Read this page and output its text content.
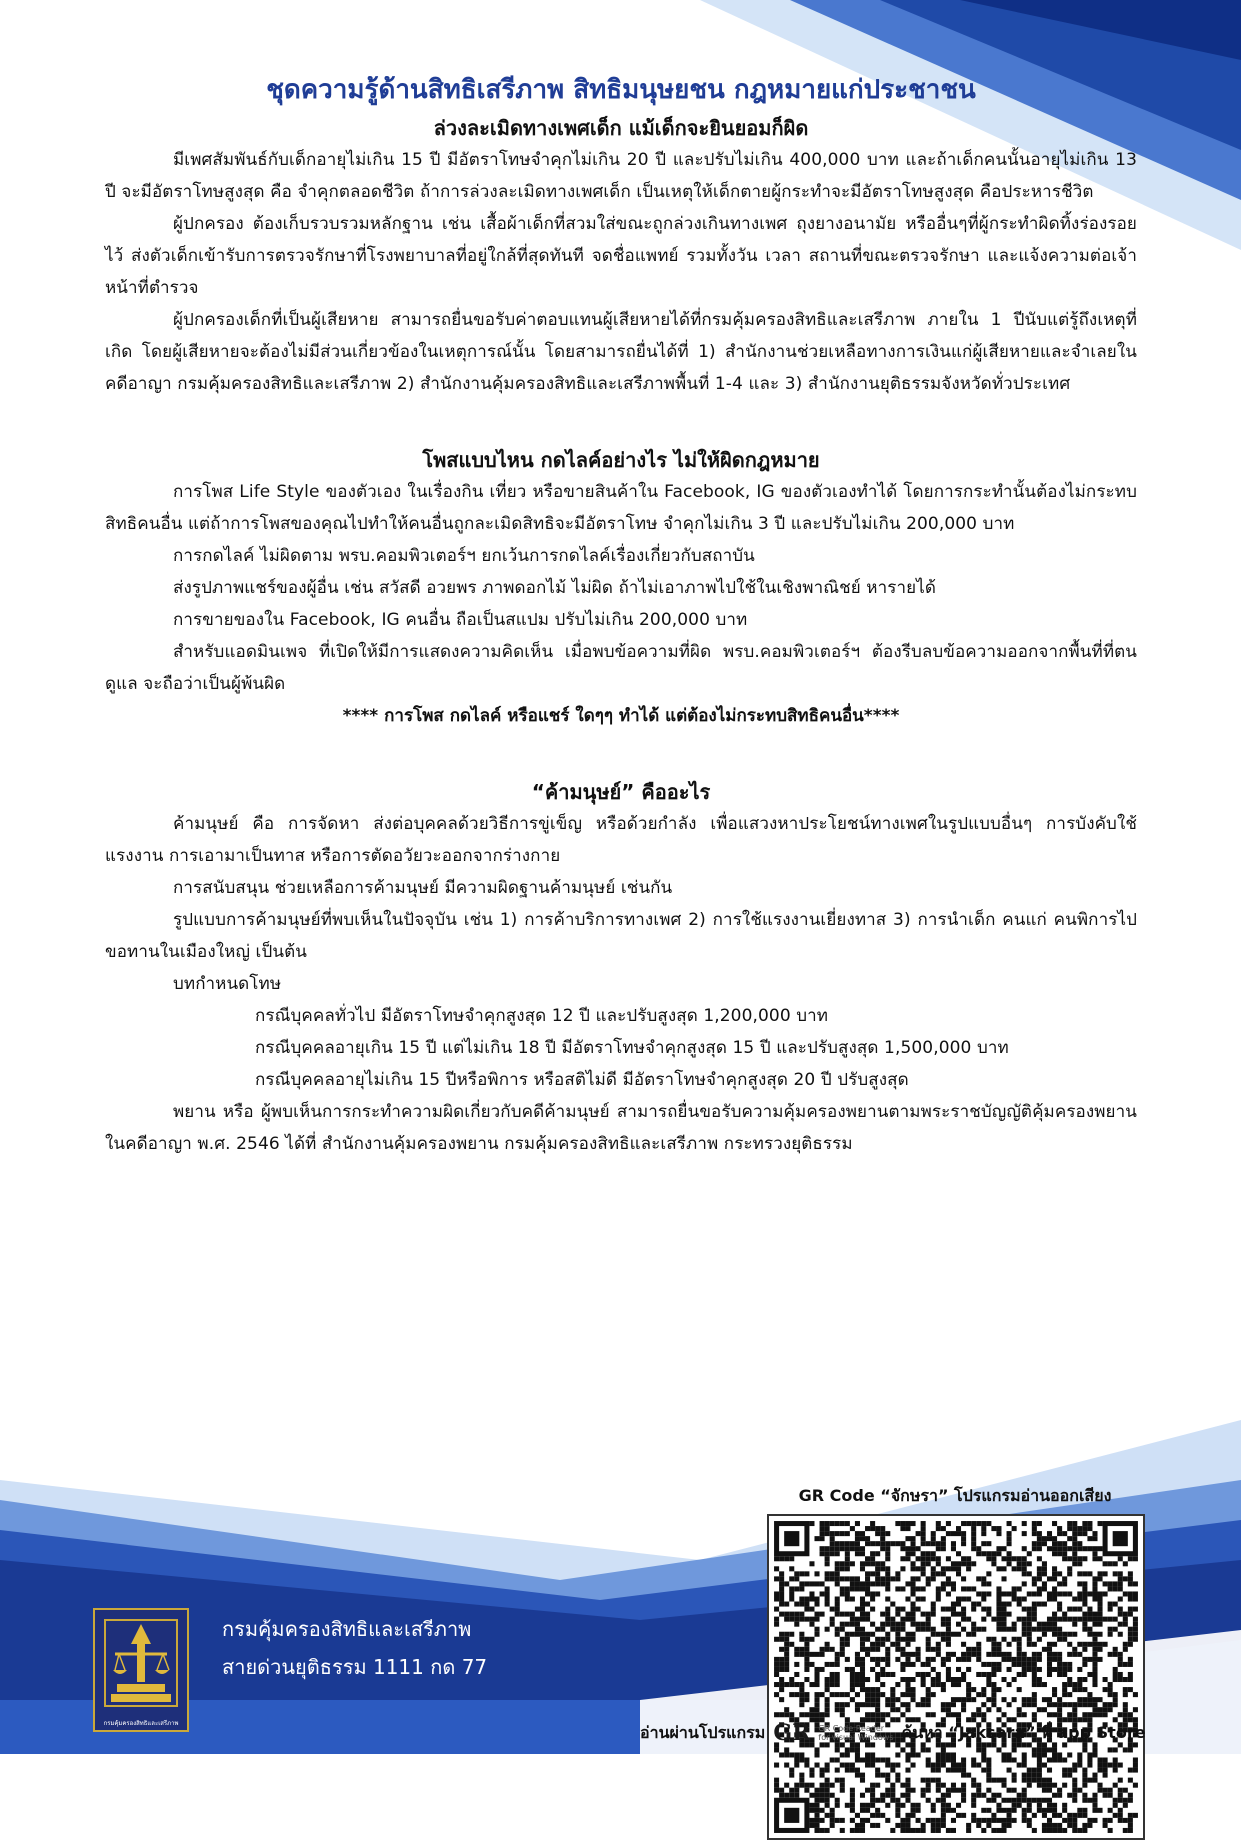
ชุดความรู้ด้านสิทธิเสรีภาพ สิทธิมนุษยชน กฎหมายแก่ประชาชน
ล่วงละเมิดทางเพศเด็ก แม้เด็กจะยินยอมก็ผิด

มีเพศสัมพันธ์กับเด็กอายุไม่เกิน 15 ปี มีอัตราโทษจำคุกไม่เกิน 20 ปี และปรับไม่เกิน 400,000 บาท และถ้าเด็กคนนั้นอายุไม่เกิน 13 ปี จะมีอัตราโทษสูงสุด คือ จำคุกตลอดชีวิต ถ้าการล่วงละเมิดทางเพศเด็ก เป็นเหตุให้เด็กตายผู้กระทำจะมีอัตราโทษสูงสุด คือประหารชีวิต

ผู้ปกครอง ต้องเก็บรวบรวมหลักฐาน เช่น เสื้อผ้าเด็กที่สวมใส่ขณะถูกล่วงเกินทางเพศ ถุงยางอนามัย หรืออื่นๆที่ผู้กระทำผิดทิ้งร่องรอยไว้ ส่งตัวเด็กเข้ารับการตรวจรักษาที่โรงพยาบาลที่อยู่ใกล้ที่สุดทันที จดชื่อแพทย์ รวมทั้งวัน เวลา สถานที่ขณะตรวจรักษา และแจ้งความต่อเจ้าหน้าที่ตำรวจ

ผู้ปกครองเด็กที่เป็นผู้เสียหาย สามารถยื่นขอรับค่าตอบแทนผู้เสียหายได้ที่กรมคุ้มครองสิทธิและเสรีภาพ ภายใน 1 ปีนับแต่รู้ถึงเหตุที่เกิด โดยผู้เสียหายจะต้องไม่มีส่วนเกี่ยวข้องในเหตุการณ์นั้น โดยสามารถยื่นได้ที่ 1) สำนักงานช่วยเหลือทางการเงินแก่ผู้เสียหายและจำเลยในคดีอาญา กรมคุ้มครองสิทธิและเสรีภาพ 2) สำนักงานคุ้มครองสิทธิและเสรีภาพพื้นที่ 1-4 และ 3) สำนักงานยุติธรรมจังหวัดทั่วประเทศ

โพสแบบไหน กดไลค์อย่างไร ไม่ให้ผิดกฎหมาย

การโพส Life Style ของตัวเอง ในเรื่องกิน เที่ยว หรือขายสินค้าใน Facebook, IG ของตัวเองทำได้ โดยการกระทำนั้นต้องไม่กระทบสิทธิคนอื่น แต่ถ้าการโพสของคุณไปทำให้คนอื่นถูกละเมิดสิทธิจะมีอัตราโทษ จำคุกไม่เกิน 3 ปี และปรับไม่เกิน 200,000 บาท

การกดไลค์ ไม่ผิดตาม พรบ.คอมพิวเตอร์ฯ ยกเว้นการกดไลค์เรื่องเกี่ยวกับสถาบัน

ส่งรูปภาพแชร์ของผู้อื่น เช่น สวัสดี อวยพร ภาพดอกไม้ ไม่ผิด ถ้าไม่เอาภาพไปใช้ในเชิงพาณิชย์ หารายได้

การขายของใน Facebook, IG คนอื่น ถือเป็นสแปม ปรับไม่เกิน 200,000 บาท

สำหรับแอดมินเพจ ที่เปิดให้มีการแสดงความคิดเห็น เมื่อพบข้อความที่ผิด พรบ.คอมพิวเตอร์ฯ ต้องรีบลบข้อความออกจากพื้นที่ที่ตนดูแล จะถือว่าเป็นผู้พ้นผิด

**** การโพส กดไลค์ หรือแชร์ ใดๆๆ ทำได้ แต่ต้องไม่กระทบสิทธิคนอื่น****

“ค้ามนุษย์” คืออะไร

ค้ามนุษย์ คือ การจัดหา ส่งต่อบุคคลด้วยวิธีการขู่เข็ญ หรือด้วยกำลัง เพื่อแสวงหาประโยชน์ทางเพศในรูปแบบอื่นๆ การบังคับใช้แรงงาน การเอามาเป็นทาส หรือการตัดอวัยวะออกจากร่างกาย

การสนับสนุน ช่วยเหลือการค้ามนุษย์ มีความผิดฐานค้ามนุษย์ เช่นกัน

รูปแบบการค้ามนุษย์ที่พบเห็นในปัจจุบัน เช่น 1) การค้าบริการทางเพศ 2) การใช้แรงงานเยี่ยงทาส 3) การนำเด็ก คนแก่ คนพิการไปขอทานในเมืองใหญ่ เป็นต้น

บทกำหนดโทษ

กรณีบุคคลทั่วไป มีอัตราโทษจำคุกสูงสุด 12 ปี และปรับสูงสุด 1,200,000 บาท

กรณีบุคคลอายุเกิน 15 ปี แต่ไม่เกิน 18 ปี มีอัตราโทษจำคุกสูงสุด 15 ปี และปรับสูงสุด 1,500,000 บาท

กรณีบุคคลอายุไม่เกิน 15 ปีหรือพิการ หรือสติไม่ดี มีอัตราโทษจำคุกสูงสุด 20 ปี ปรับสูงสุด

พยาน หรือ ผู้พบเห็นการกระทำความผิดเกี่ยวกับคดีค้ามนุษย์ สามารถยื่นขอรับความคุ้มครองพยานตามพระราชบัญญัติคุ้มครองพยานในคดีอาญา พ.ศ. 2546 ได้ที่ สำนักงานคุ้มครองพยาน กรมคุ้มครองสิทธิและเสรีภาพ กระทรวงยุติธรรม

GR Code “จักษรา” โปรแกรมอ่านออกเสียง
กรมคุ้มครองสิทธิและเสรีภาพ
กรมคุ้มครองสิทธิและเสรีภาพ
สายด่วนยุติธรรม 1111 กด 77
อ่านผ่านโปรแกรม GR GR Code Reader
for visual Windows ค้นหา “Jaksara” ที่ app Store
